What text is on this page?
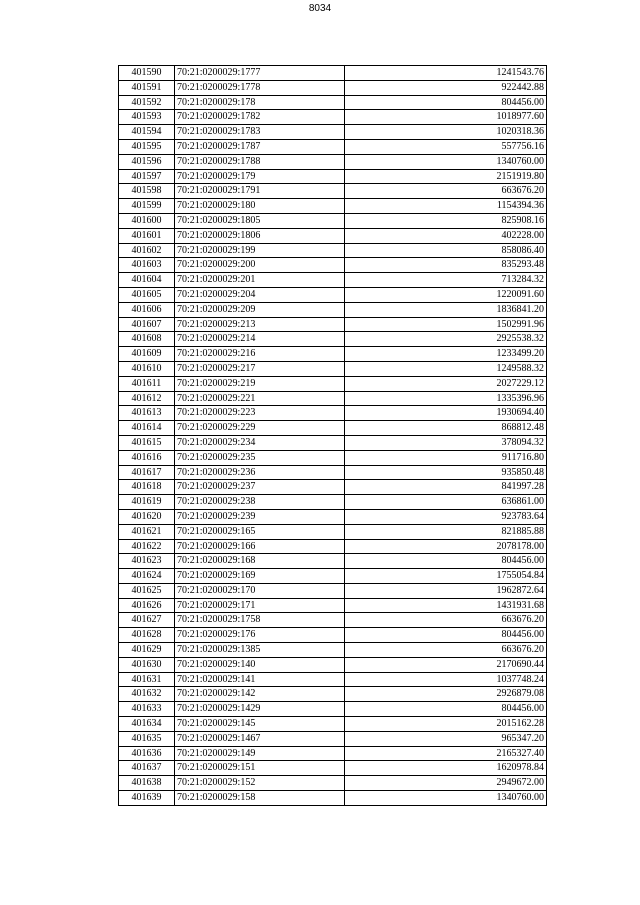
8034
401590	70:21:0200029:1777	1241543.76
401591	70:21:0200029:1778	922442.88
401592	70:21:0200029:178	804456.00
401593	70:21:0200029:1782	1018977.60
401594	70:21:0200029:1783	1020318.36
401595	70:21:0200029:1787	557756.16
401596	70:21:0200029:1788	1340760.00
401597	70:21:0200029:179	2151919.80
401598	70:21:0200029:1791	663676.20
401599	70:21:0200029:180	1154394.36
401600	70:21:0200029:1805	825908.16
401601	70:21:0200029:1806	402228.00
401602	70:21:0200029:199	858086.40
401603	70:21:0200029:200	835293.48
401604	70:21:0200029:201	713284.32
401605	70:21:0200029:204	1220091.60
401606	70:21:0200029:209	1836841.20
401607	70:21:0200029:213	1502991.96
401608	70:21:0200029:214	2925538.32
401609	70:21:0200029:216	1233499.20
401610	70:21:0200029:217	1249588.32
401611	70:21:0200029:219	2027229.12
401612	70:21:0200029:221	1335396.96
401613	70:21:0200029:223	1930694.40
401614	70:21:0200029:229	868812.48
401615	70:21:0200029:234	378094.32
401616	70:21:0200029:235	911716.80
401617	70:21:0200029:236	935850.48
401618	70:21:0200029:237	841997.28
401619	70:21:0200029:238	636861.00
401620	70:21:0200029:239	923783.64
401621	70:21:0200029:165	821885.88
401622	70:21:0200029:166	2078178.00
401623	70:21:0200029:168	804456.00
401624	70:21:0200029:169	1755054.84
401625	70:21:0200029:170	1962872.64
401626	70:21:0200029:171	1431931.68
401627	70:21:0200029:1758	663676.20
401628	70:21:0200029:176	804456.00
401629	70:21:0200029:1385	663676.20
401630	70:21:0200029:140	2170690.44
401631	70:21:0200029:141	1037748.24
401632	70:21:0200029:142	2926879.08
401633	70:21:0200029:1429	804456.00
401634	70:21:0200029:145	2015162.28
401635	70:21:0200029:1467	965347.20
401636	70:21:0200029:149	2165327.40
401637	70:21:0200029:151	1620978.84
401638	70:21:0200029:152	2949672.00
401639	70:21:0200029:158	1340760.00
